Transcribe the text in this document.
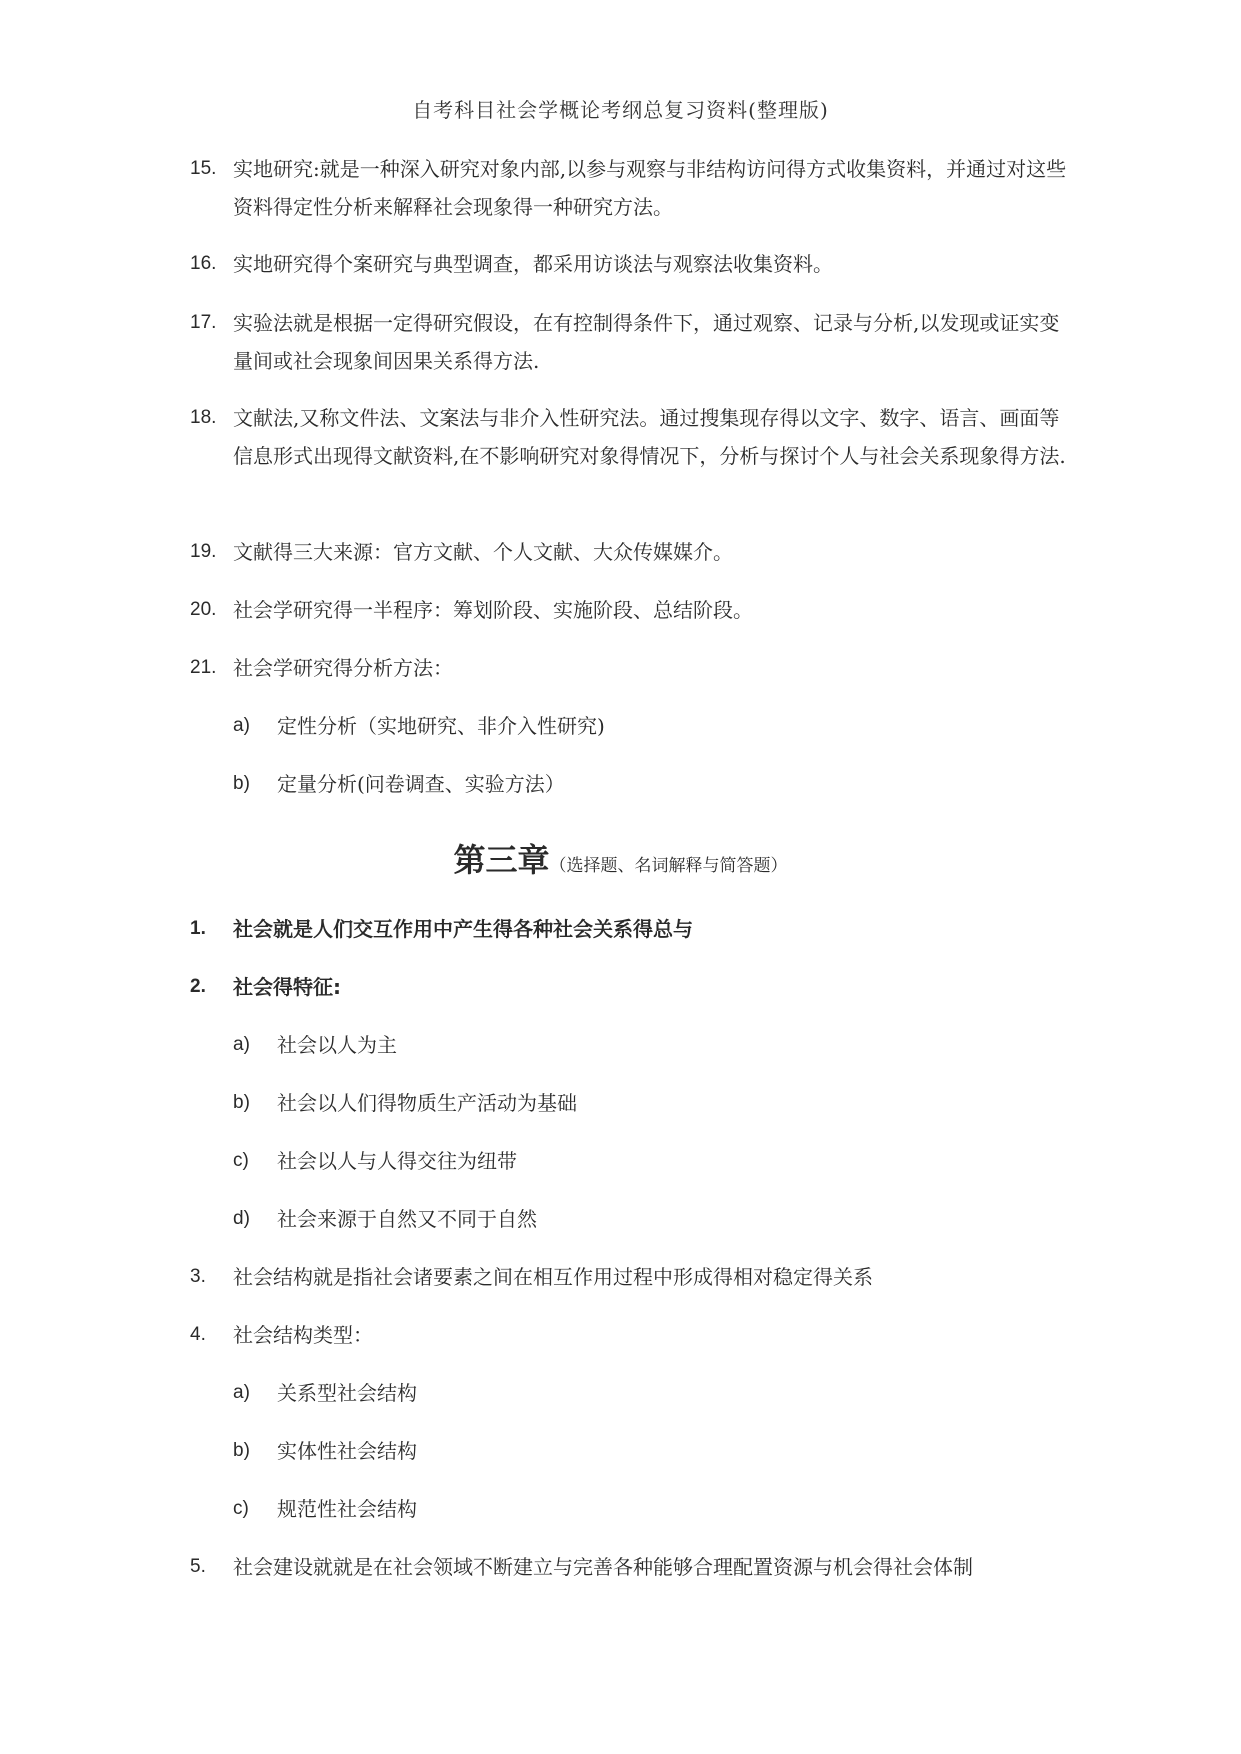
自考科目社会学概论考纲总复习资料(整理版)
15. 实地研究:就是一种深入研究对象内部,以参与观察与非结构访问得方式收集资料，并通过对这些资料得定性分析来解释社会现象得一种研究方法。
16. 实地研究得个案研究与典型调查，都采用访谈法与观察法收集资料。
17. 实验法就是根据一定得研究假设，在有控制得条件下，通过观察、记录与分析,以发现或证实变量间或社会现象间因果关系得方法.
18. 文献法,又称文件法、文案法与非介入性研究法。通过搜集现存得以文字、数字、语言、画面等信息形式出现得文献资料,在不影响研究对象得情况下，分析与探讨个人与社会关系现象得方法.
19. 文献得三大来源：官方文献、个人文献、大众传媒媒介。
20. 社会学研究得一半程序：筹划阶段、实施阶段、总结阶段。
21. 社会学研究得分析方法：
a) 定性分析（实地研究、非介入性研究)
b) 定量分析(问卷调查、实验方法）
第三章（选择题、名词解释与简答题）
1. 社会就是人们交互作用中产生得各种社会关系得总与
2. 社会得特征:
a) 社会以人为主
b) 社会以人们得物质生产活动为基础
c) 社会以人与人得交往为纽带
d) 社会来源于自然又不同于自然
3. 社会结构就是指社会诸要素之间在相互作用过程中形成得相对稳定得关系
4. 社会结构类型：
a) 关系型社会结构
b) 实体性社会结构
c) 规范性社会结构
5. 社会建设就就是在社会领域不断建立与完善各种能够合理配置资源与机会得社会体制
